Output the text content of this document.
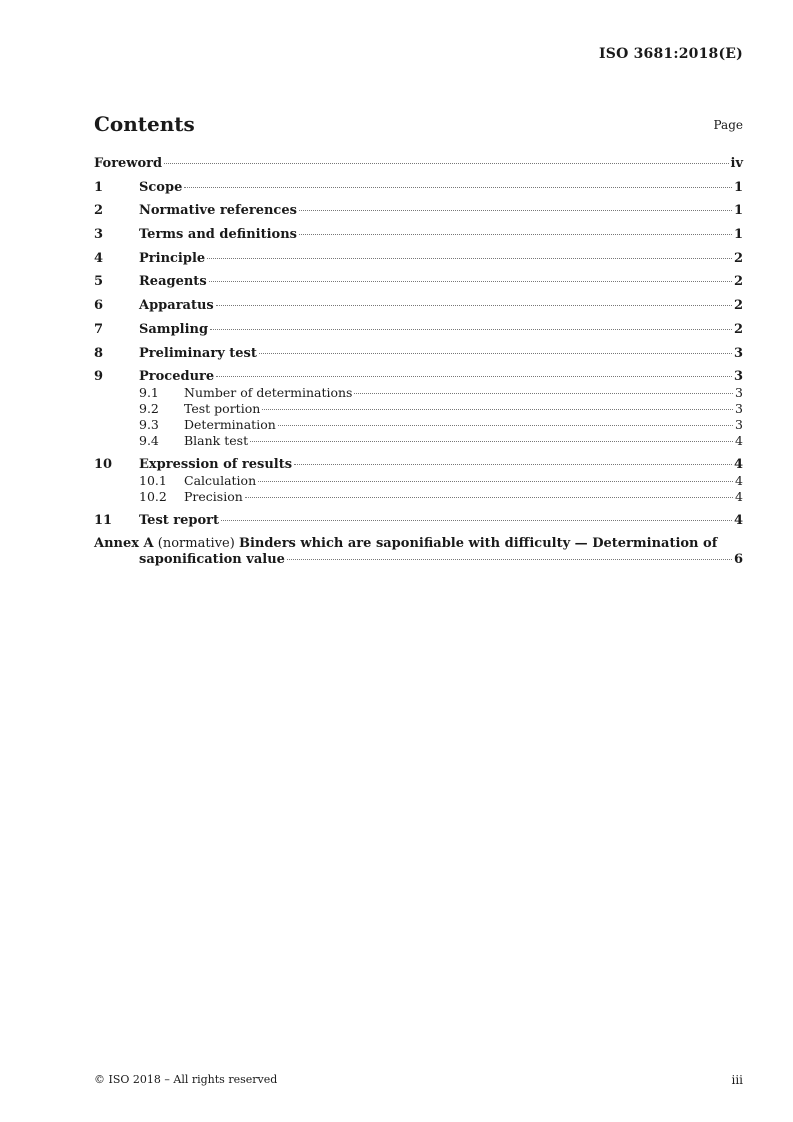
ISO 3681:2018(E)
Contents	Page
Foreword	iv
1	Scope	1
2	Normative references	1
3	Terms and definitions	1
4	Principle	2
5	Reagents	2
6	Apparatus	2
7	Sampling	2
8	Preliminary test	3
9	Procedure	3
9.1	Number of determinations	3
9.2	Test portion	3
9.3	Determination	3
9.4	Blank test	4
10	Expression of results	4
10.1	Calculation	4
10.2	Precision	4
11	Test report	4
Annex A (normative) Binders which are saponifiable with difficulty — Determination of
saponification value	6
© ISO 2018 – All rights reserved	iii
